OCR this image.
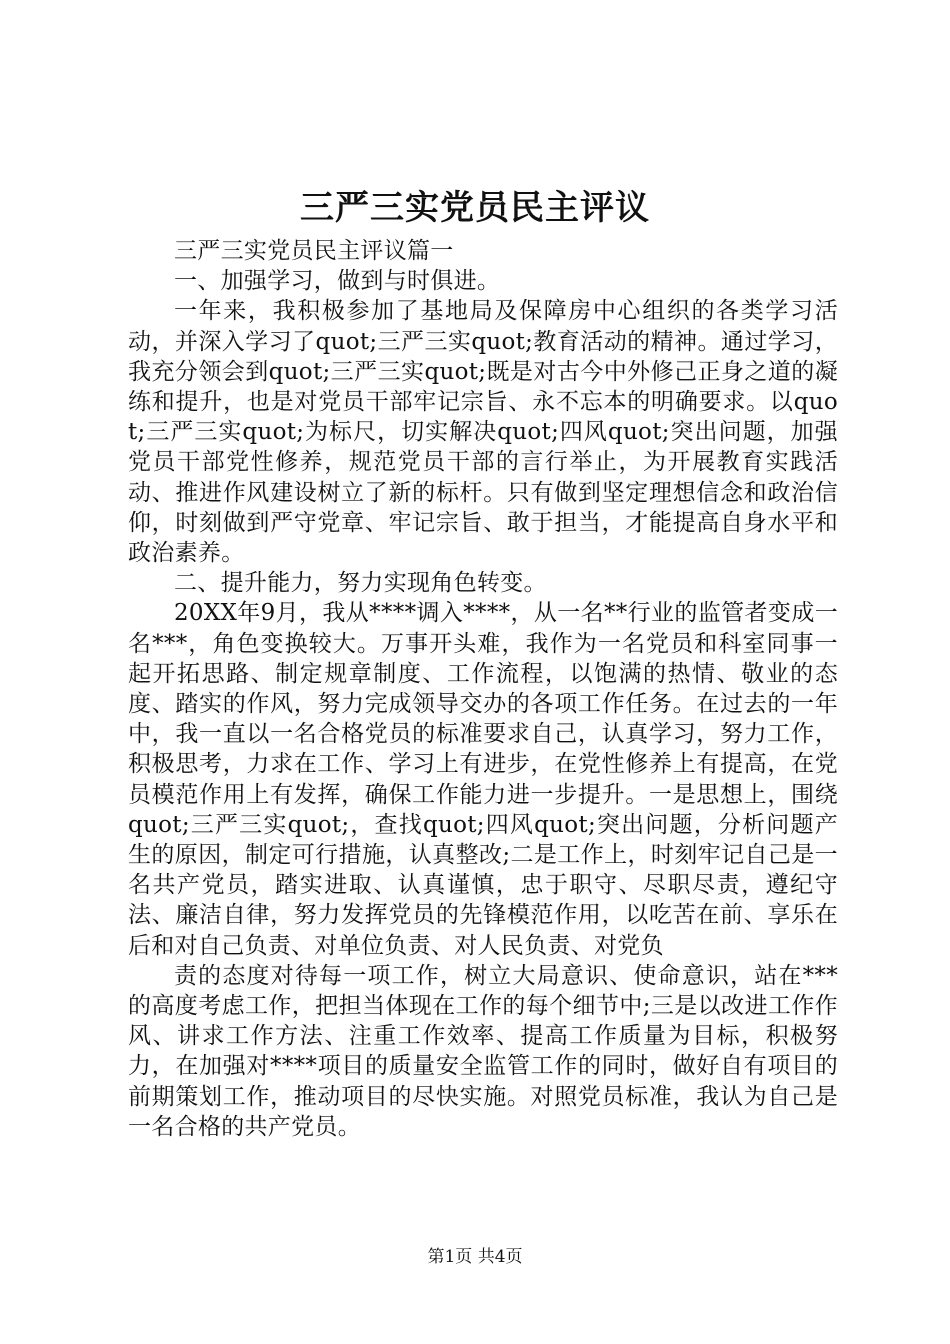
三严三实党员民主评议

三严三实党员民主评议篇一

一、加强学习，做到与时俱进。

一年来，我积极参加了基地局及保障房中心组织的各类学习活动，并深入学习了quot;三严三实quot;教育活动的精神。通过学习，我充分领会到quot;三严三实quot;既是对古今中外修己正身之道的凝练和提升，也是对党员干部牢记宗旨、永不忘本的明确要求。以quot;三严三实quot;为标尺，切实解决quot;四风quot;突出问题，加强党员干部党性修养，规范党员干部的言行举止，为开展教育实践活动、推进作风建设树立了新的标杆。只有做到坚定理想信念和政治信仰，时刻做到严守党章、牢记宗旨、敢于担当，才能提高自身水平和政治素养。

二、提升能力，努力实现角色转变。

20XX年9月，我从****调入****，从一名**行业的监管者变成一名***，角色变换较大。万事开头难，我作为一名党员和科室同事一起开拓思路、制定规章制度、工作流程，以饱满的热情、敬业的态度、踏实的作风，努力完成领导交办的各项工作任务。在过去的一年中，我一直以一名合格党员的标准要求自己，认真学习，努力工作，积极思考，力求在工作、学习上有进步，在党性修养上有提高，在党员模范作用上有发挥，确保工作能力进一步提升。一是思想上，围绕quot;三严三实quot;，查找quot;四风quot;突出问题，分析问题产生的原因，制定可行措施，认真整改;二是工作上，时刻牢记自己是一名共产党员，踏实进取、认真谨慎，忠于职守、尽职尽责，遵纪守法、廉洁自律，努力发挥党员的先锋模范作用，以吃苦在前、享乐在后和对自己负责、对单位负责、对人民负责、对党负

责的态度对待每一项工作，树立大局意识、使命意识，站在***的高度考虑工作，把担当体现在工作的每个细节中;三是以改进工作作风、讲求工作方法、注重工作效率、提高工作质量为目标，积极努力，在加强对****项目的质量安全监管工作的同时，做好自有项目的前期策划工作，推动项目的尽快实施。对照党员标准，我认为自己是一名合格的共产党员。

第1页 共4页
